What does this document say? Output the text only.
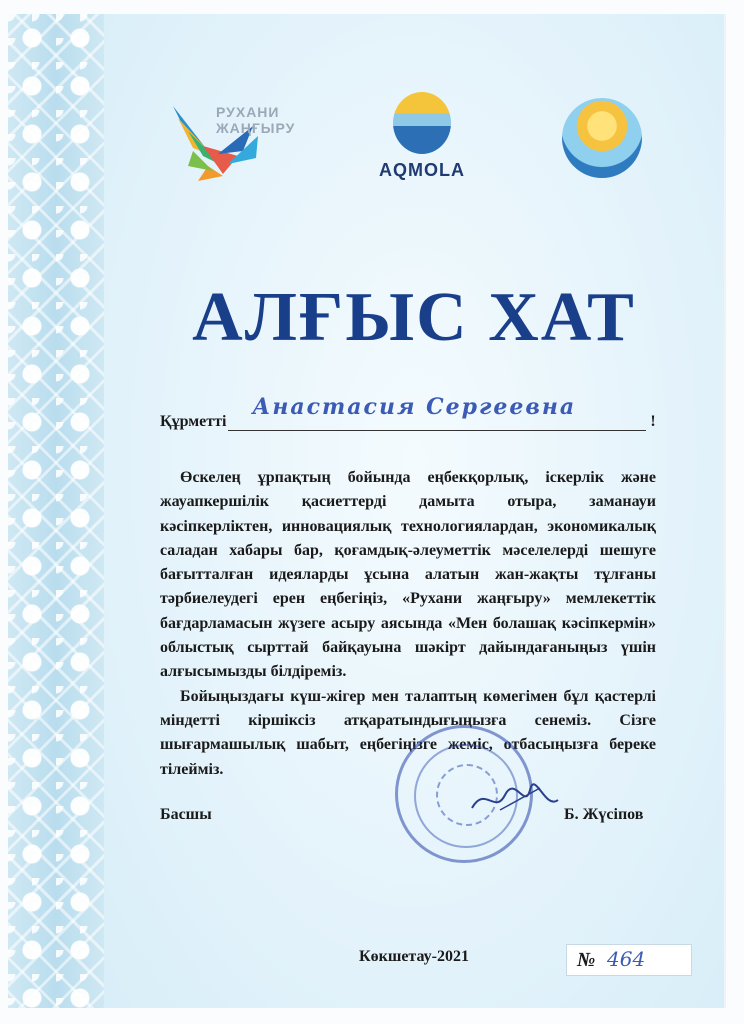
РУХАНИ
ЖАҢҒЫРУ
AQMOLA
АЛҒЫС ХАТ
Құрметті
Анастасия Сергеевна
!

Өскелең ұрпақтың бойында еңбекқорлық, іскерлік және жауапкершілік қасиеттерді дамыта отыра, заманауи кәсіпкерліктен, инновациялық технологиялардан, экономикалық саладан хабары бар, қоғамдық-әлеуметтік мәселелерді шешуге бағытталған идеяларды ұсына алатын жан-жақты тұлғаны тәрбиелеудегі ерен еңбегіңіз, «Рухани жаңғыру» мемлекеттік бағдарламасын жүзеге асыру аясында «Мен болашақ кәсіпкермін» облыстық сырттай байқауына шәкірт дайындағаныңыз үшін алғысымызды білдіреміз.

Бойыңыздағы күш-жігер мен талаптың көмегімен бұл қастерлі міндетті кіршіксіз атқаратындығыңызға сенеміз. Сізге шығармашылық шабыт, еңбегіңізге жеміс, отбасыңызға береке тілейміз.

Басшы	Б. Жүсіпов
Көкшетау-2021	№ 464
